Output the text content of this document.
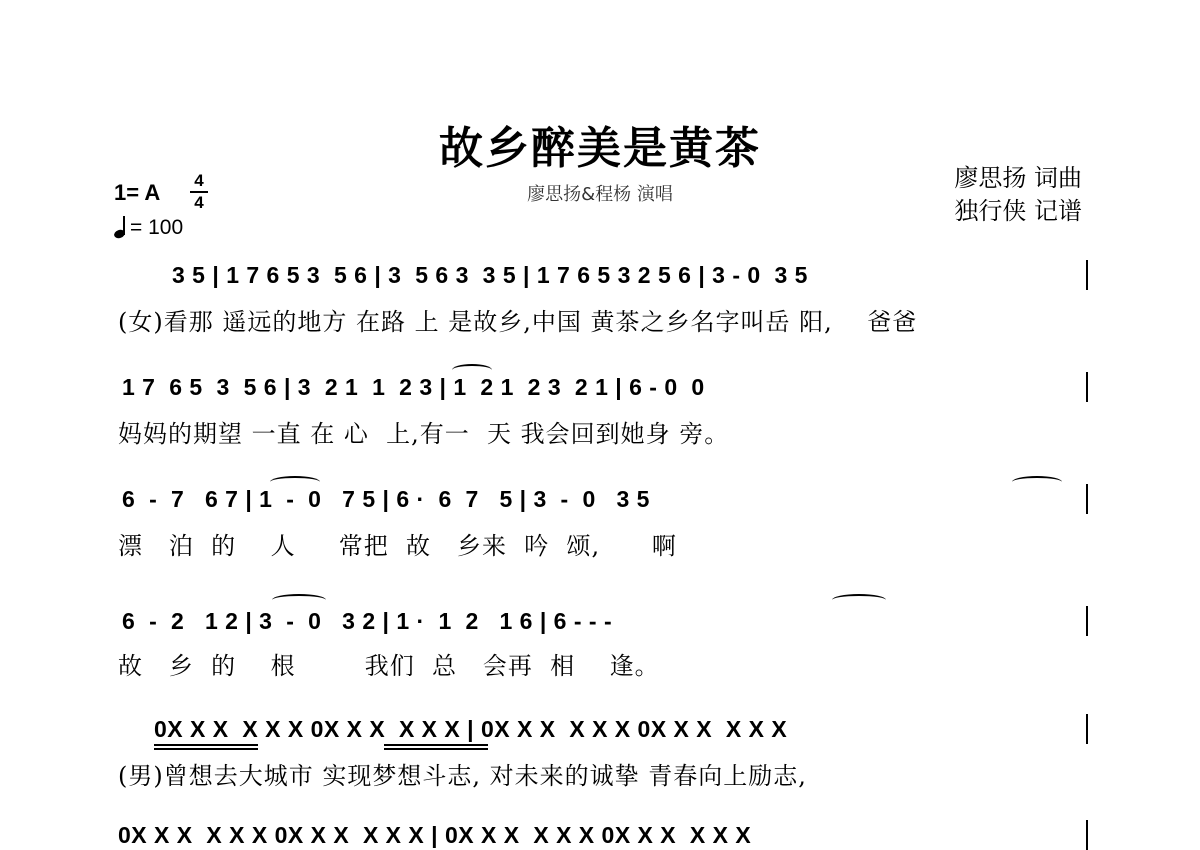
故乡醉美是黄茶
廖思扬&程杨 演唱
廖思扬 词曲
独行侠 记谱
1= A 4
4
= 100
3 5 | 1 7 6 5 3  5 6 | 3  5 6 3  3 5 | 1 7 6 5 3 2 5 6 | 3 - 0  3 5
(女)看那 遥远的地方 在路 上 是故乡,中国 黄茶之乡名字叫岳 阳,    爸爸
1 7  6 5  3  5 6 | 3  2 1  1  2 3 | 1  2 1  2 3  2 1 | 6 - 0  0
妈妈的期望 一直 在 心  上,有一  天 我会回到她身 旁。
6  -  7   6 7 | 1  -  0   7 5 | 6 ·  6  7   5 | 3  -  0   3 5
漂   泊  的    人     常把  故   乡来  吟  颂,      啊
6  -  2   1 2 | 3  -  0   3 2 | 1 ·  1  2   1 6 | 6 - - -
故   乡  的    根        我们  总   会再  相    逢。
0X X X  X X X 0X X X  X X X | 0X X X  X X X 0X X X  X X X
(男)曾想去大城市 实现梦想斗志, 对未来的诚挚 青春向上励志,
0X X X  X X X 0X X X  X X X | 0X X X  X X X 0X X X  X X X
